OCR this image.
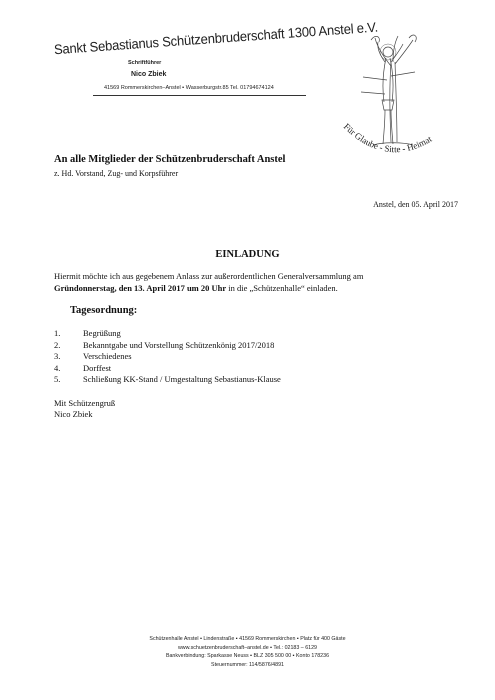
Sankt Sebastianus Schützenbruderschaft 1300 Anstel e.V.
Schriftführer
Nico Zbiek
41569 Rommerskirchen–Anstel ▪ Wasserburgstr.85 Tel. 01794674124
Für Glaube - Sitte - Heimat
An alle Mitglieder der Schützenbruderschaft Anstel
z. Hd. Vorstand, Zug- und Korpsführer
Anstel, den 05. April 2017
EINLADUNG
Hiermit möchte ich aus gegebenem Anlass zur außerordentlichen Generalversammlung am
Gründonnerstag, den 13. April 2017 um 20 Uhr in die „Schützenhalle“ einladen.
Tagesordnung:
1.	Begrüßung
2.	Bekanntgabe und Vorstellung Schützenkönig 2017/2018
3.	Verschiedenes
4.	Dorffest
5.	Schließung KK-Stand / Umgestaltung Sebastianus-Klause
Mit Schützengruß
Nico Zbiek
Schützenhalle Anstel ▪ Lindenstraße ▪ 41569 Rommerskirchen ▪ Platz für 400 Gäste
www.schuetzenbruderschaft–anstel.de ▪ Tel.: 02183 – 6129
Bankverbindung: Sparkasse Neuss ▪ BLZ 305 500 00 ▪ Konto 178236
Steuernummer: 114/5876/4891
